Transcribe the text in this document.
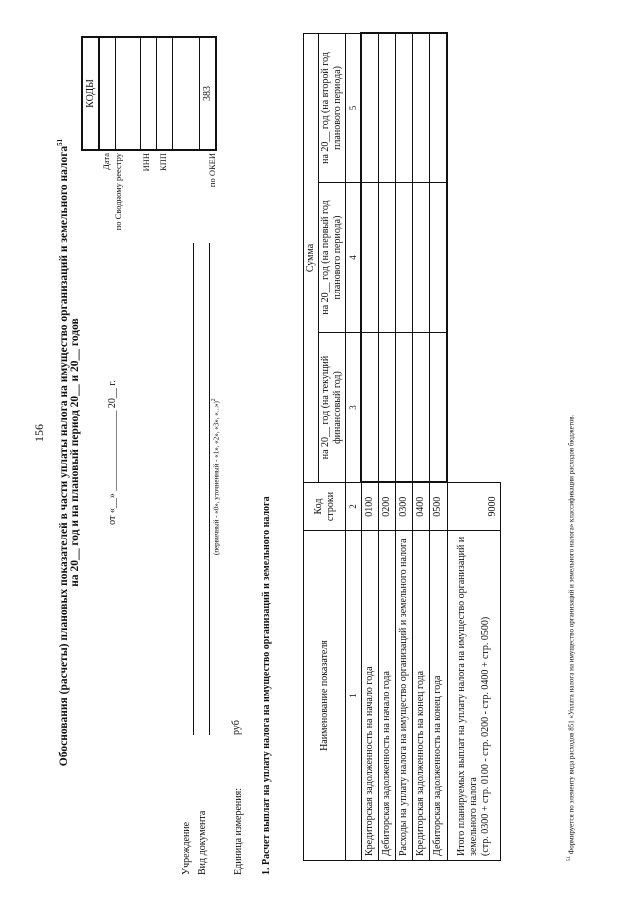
156	Обоснования (расчеты) плановых показателей в части уплаты налога на имущество организаций и земельного налога$^{51}$
на 20__ год и на плановый период 20__ и 20__ годов	от «__» ________________ 20__ г.
КОДЫ

383
Дата по Сводному реестру ИНН КПП	по ОКЕИ
Учреждение Вид документа
(первичный - «0», уточненный - «1», «2», «3», «...»)$^2$
Единица измерения:
руб 1. Расчет выплат на уплату налога на имущество организаций и земельного налога	Наименование показателя	Код строки	Сумма		
		на 20__ год (на текущий финансовый год)	на 20__ год (на первый год планового периода)	на 20__ год (на второй год планового периода)
1	2	3	4	5
Кредиторская задолженность на начало года	0100			
Дебиторская задолженность на начало года	0200			
Расходы на уплату налога на имущество организаций и земельного налога	0300			
Кредиторская задолженность на конец года	0400			
Дебиторская задолженность на конец года	0500			

Итого планируемых выплат на уплату налога на имущество организаций и земельного налога (стр. 0300 + стр. 0100 - стр. 0200 - стр. 0400 + стр. 0500)	9000			
$^{51}$ Формируется по элементу вида расходов 851 «Уплата налога на имущество организаций и земельного налога» классификации расходов бюджетов.
